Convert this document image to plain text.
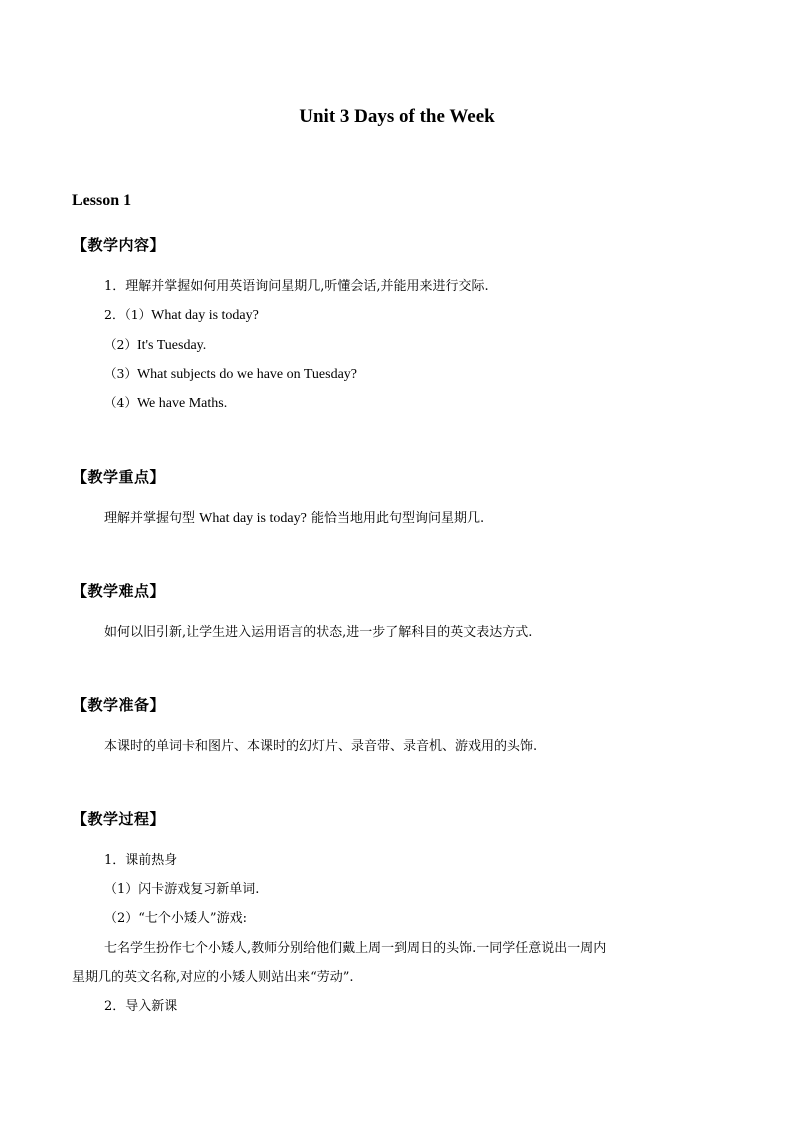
Unit 3 Days of the Week
Lesson 1
【教学内容】
1．理解并掌握如何用英语询问星期几,听懂会话,并能用来进行交际.
2．（1）What day is today?
（2）It's Tuesday.
（3）What subjects do we have on Tuesday?
（4）We have Maths.
【教学重点】
理解并掌握句型 What day is today? 能恰当地用此句型询问星期几.
【教学难点】
如何以旧引新,让学生进入运用语言的状态,进一步了解科目的英文表达方式.
【教学准备】
本课时的单词卡和图片、本课时的幻灯片、录音带、录音机、游戏用的头饰.
【教学过程】
1．课前热身
（1）闪卡游戏复习新单词.
（2）“七个小矮人”游戏:
七名学生扮作七个小矮人,教师分别给他们戴上周一到周日的头饰.一同学任意说出一周内
星期几的英文名称,对应的小矮人则站出来“劳动”.
2．导入新课
